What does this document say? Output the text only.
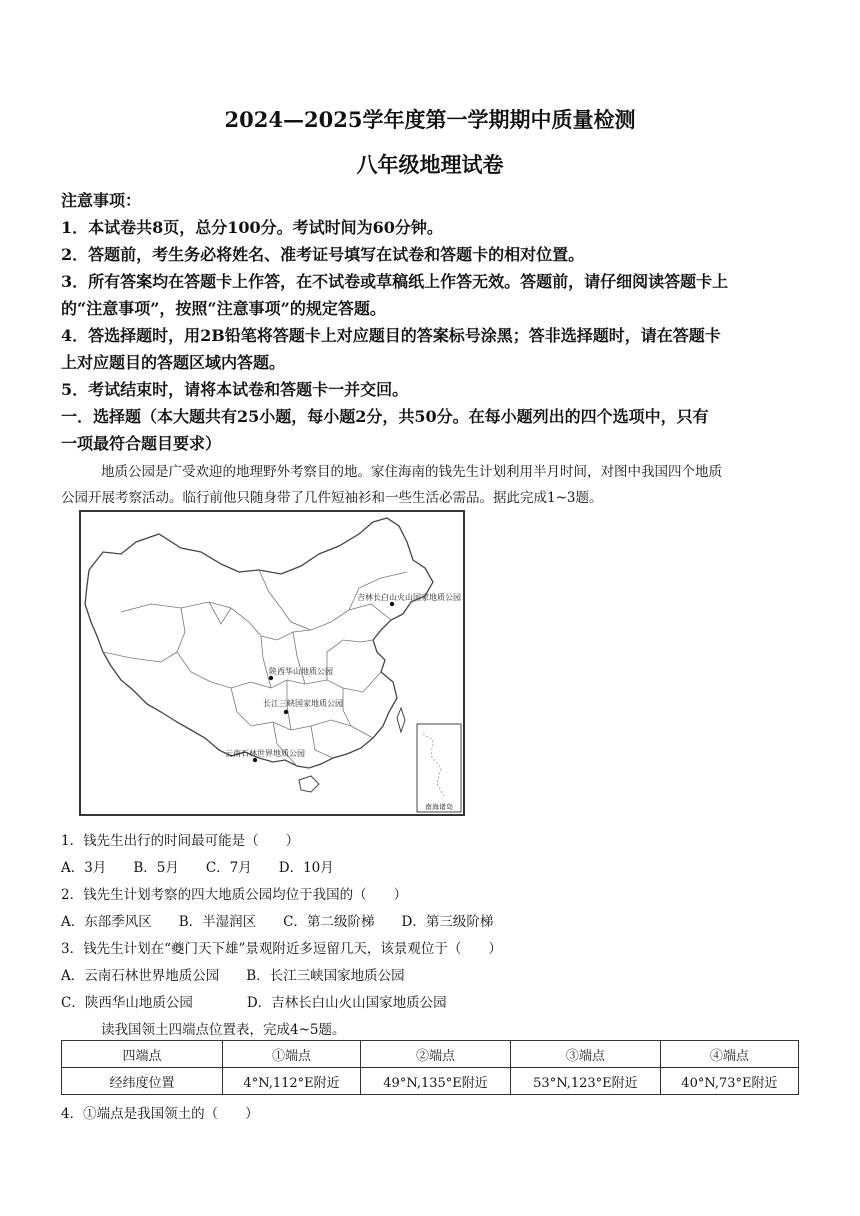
2024—2025学年度第一学期期中质量检测
八年级地理试卷
注意事项：
1．本试卷共8页，总分100分。考试时间为60分钟。
2．答题前，考生务必将姓名、准考证号填写在试卷和答题卡的相对位置。
3．所有答案均在答题卡上作答，在不试卷或草稿纸上作答无效。答题前，请仔细阅读答题卡上
的“注意事项”，按照“注意事项”的规定答题。
4．答选择题时，用2B铅笔将答题卡上对应题目的答案标号涂黑；答非选择题时，请在答题卡
上对应题目的答题区域内答题。
5．考试结束时，请将本试卷和答题卡一并交回。
一．选择题（本大题共有25小题，每小题2分，共50分。在每小题列出的四个选项中，只有
一项最符合题目要求）
地质公园是广受欢迎的地理野外考察目的地。家住海南的钱先生计划利用半月时间，对图中我国四个地质
公园开展考察活动。临行前他只随身带了几件短袖衫和一些生活必需品。据此完成1~3题。
吉林长白山火山国家地质公园
陕西华山地质公园
长江三峡国家地质公园
云南石林世界地质公园
南海诸岛
1．钱先生出行的时间最可能是（　　）
A．3月　　B．5月　　C．7月　　D．10月
2．钱先生计划考察的四大地质公园均位于我国的（　　）
A．东部季风区　　B．半湿润区　　C．第二级阶梯　　D．第三级阶梯
3．钱先生计划在“夔门天下雄”景观附近多逗留几天，该景观位于（　　）
A．云南石林世界地质公园　　B．长江三峡国家地质公园
C．陕西华山地质公园　　　　D．吉林长白山火山国家地质公园
读我国领土四端点位置表，完成4~5题。
四端点	①端点	②端点	③端点	④端点
经纬度位置	4°N,112°E附近	49°N,135°E附近	53°N,123°E附近	40°N,73°E附近
4．①端点是我国领土的（　　）
